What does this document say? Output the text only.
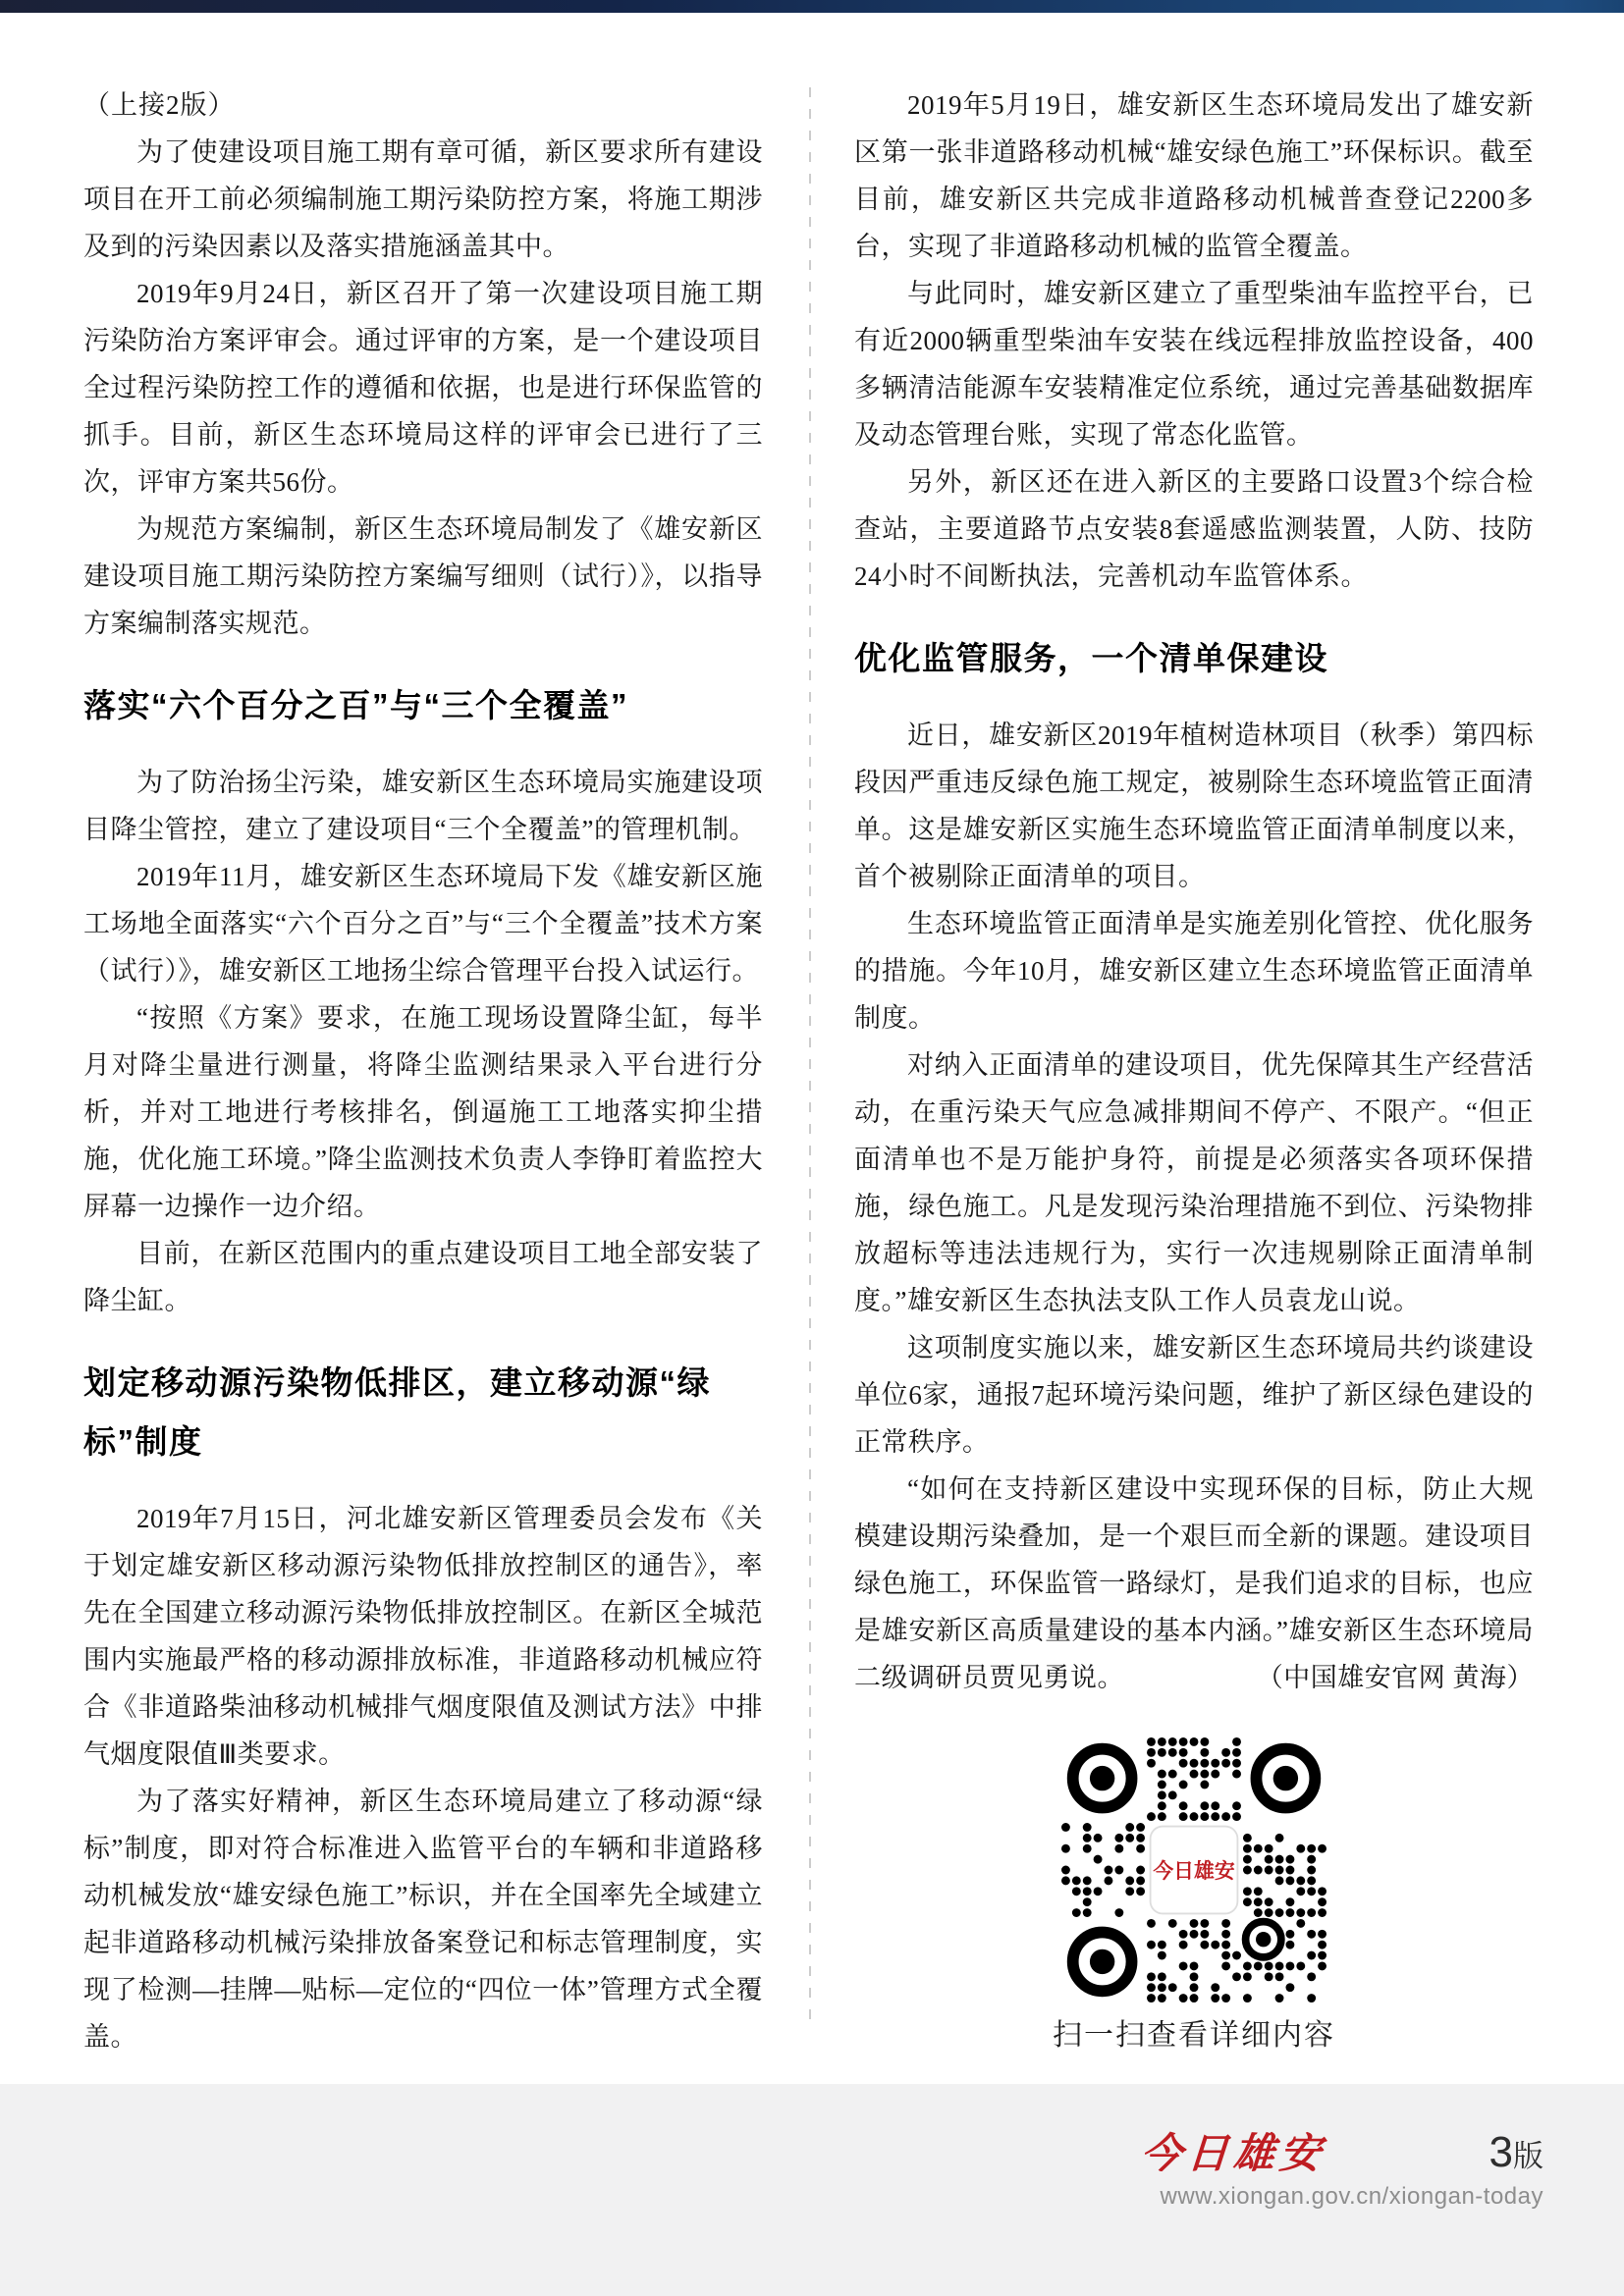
（上接2版）

为了使建设项目施工期有章可循，新区要求所有建设项目在开工前必须编制施工期污染防控方案，将施工期涉及到的污染因素以及落实措施涵盖其中。

2019年9月24日，新区召开了第一次建设项目施工期污染防治方案评审会。通过评审的方案，是一个建设项目全过程污染防控工作的遵循和依据，也是进行环保监管的抓手。目前，新区生态环境局这样的评审会已进行了三次，评审方案共56份。

为规范方案编制，新区生态环境局制发了《雄安新区建设项目施工期污染防控方案编写细则（试行）》，以指导方案编制落实规范。

落实“六个百分之百”与“三个全覆盖”

为了防治扬尘污染，雄安新区生态环境局实施建设项目降尘管控，建立了建设项目“三个全覆盖”的管理机制。

2019年11月，雄安新区生态环境局下发《雄安新区施工场地全面落实“六个百分之百”与“三个全覆盖”技术方案（试行）》，雄安新区工地扬尘综合管理平台投入试运行。

“按照《方案》要求，在施工现场设置降尘缸，每半月对降尘量进行测量，将降尘监测结果录入平台进行分析，并对工地进行考核排名，倒逼施工工地落实抑尘措施，优化施工环境。”降尘监测技术负责人李铮盯着监控大屏幕一边操作一边介绍。

目前，在新区范围内的重点建设项目工地全部安装了降尘缸。

划定移动源污染物低排区，建立移动源“绿标”制度

2019年7月15日，河北雄安新区管理委员会发布《关于划定雄安新区移动源污染物低排放控制区的通告》，率先在全国建立移动源污染物低排放控制区。在新区全城范围内实施最严格的移动源排放标准，非道路移动机械应符合《非道路柴油移动机械排气烟度限值及测试方法》中排气烟度限值Ⅲ类要求。

为了落实好精神，新区生态环境局建立了移动源“绿标”制度，即对符合标准进入监管平台的车辆和非道路移动机械发放“雄安绿色施工”标识，并在全国率先全域建立起非道路移动机械污染排放备案登记和标志管理制度，实现了检测—挂牌—贴标—定位的“四位一体”管理方式全覆盖。

2019年5月19日，雄安新区生态环境局发出了雄安新区第一张非道路移动机械“雄安绿色施工”环保标识。截至目前，雄安新区共完成非道路移动机械普查登记2200多台，实现了非道路移动机械的监管全覆盖。

与此同时，雄安新区建立了重型柴油车监控平台，已有近2000辆重型柴油车安装在线远程排放监控设备，400多辆清洁能源车安装精准定位系统，通过完善基础数据库及动态管理台账，实现了常态化监管。

另外，新区还在进入新区的主要路口设置3个综合检查站，主要道路节点安装8套遥感监测装置，人防、技防24小时不间断执法，完善机动车监管体系。

优化监管服务，一个清单保建设

近日，雄安新区2019年植树造林项目（秋季）第四标段因严重违反绿色施工规定，被剔除生态环境监管正面清单。这是雄安新区实施生态环境监管正面清单制度以来，首个被剔除正面清单的项目。

生态环境监管正面清单是实施差别化管控、优化服务的措施。今年10月，雄安新区建立生态环境监管正面清单制度。

对纳入正面清单的建设项目，优先保障其生产经营活动，在重污染天气应急减排期间不停产、不限产。“但正面清单也不是万能护身符，前提是必须落实各项环保措施，绿色施工。凡是发现污染治理措施不到位、污染物排放超标等违法违规行为，实行一次违规剔除正面清单制度。”雄安新区生态执法支队工作人员袁龙山说。

这项制度实施以来，雄安新区生态环境局共约谈建设单位6家，通报7起环境污染问题，维护了新区绿色建设的正常秩序。

“如何在支持新区建设中实现环保的目标，防止大规模建设期污染叠加，是一个艰巨而全新的课题。建设项目绿色施工，环保监管一路绿灯，是我们追求的目标，也应是雄安新区高质量建设的基本内涵。”雄安新区生态环境局二级调研员贾见勇说。	（中国雄安官网 黄海）

今日雄安
扫一扫查看详细内容
今日雄安	3版
www.xiongan.gov.cn/xiongan-today
